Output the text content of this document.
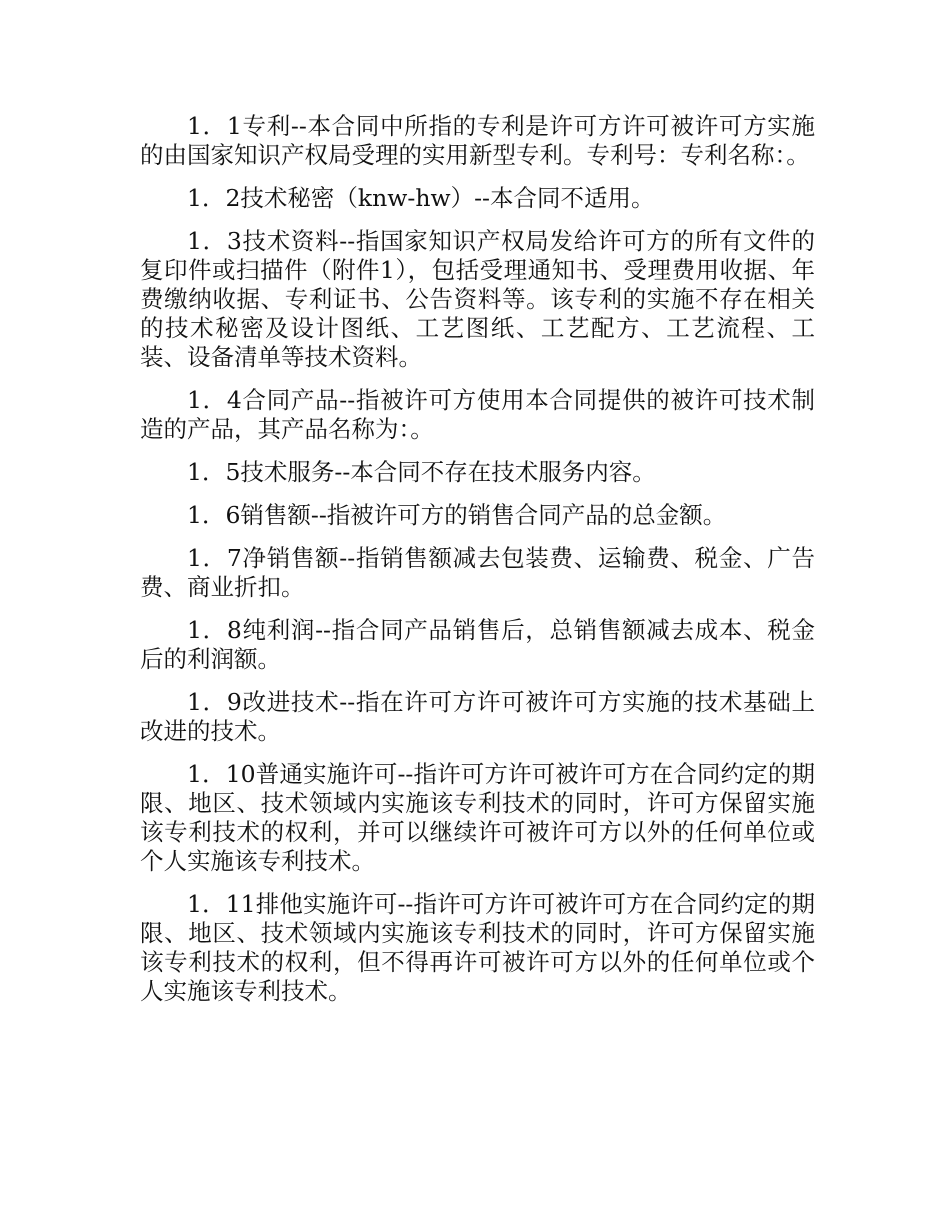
1．1专利--本合同中所指的专利是许可方许可被许可方实施的由国家知识产权局受理的实用新型专利。专利号：专利名称：。

1．2技术秘密（knw-hw）--本合同不适用。

1．3技术资料--指国家知识产权局发给许可方的所有文件的复印件或扫描件（附件1），包括受理通知书、受理费用收据、年费缴纳收据、专利证书、公告资料等。该专利的实施不存在相关的技术秘密及设计图纸、工艺图纸、工艺配方、工艺流程、工装、设备清单等技术资料。

1．4合同产品--指被许可方使用本合同提供的被许可技术制造的产品，其产品名称为：。

1．5技术服务--本合同不存在技术服务内容。

1．6销售额--指被许可方的销售合同产品的总金额。

1．7净销售额--指销售额减去包装费、运输费、税金、广告费、商业折扣。

1．8纯利润--指合同产品销售后，总销售额减去成本、税金后的利润额。

1．9改进技术--指在许可方许可被许可方实施的技术基础上改进的技术。

1．10普通实施许可--指许可方许可被许可方在合同约定的期限、地区、技术领域内实施该专利技术的同时，许可方保留实施该专利技术的权利，并可以继续许可被许可方以外的任何单位或个人实施该专利技术。

1．11排他实施许可--指许可方许可被许可方在合同约定的期限、地区、技术领域内实施该专利技术的同时，许可方保留实施该专利技术的权利，但不得再许可被许可方以外的任何单位或个人实施该专利技术。
